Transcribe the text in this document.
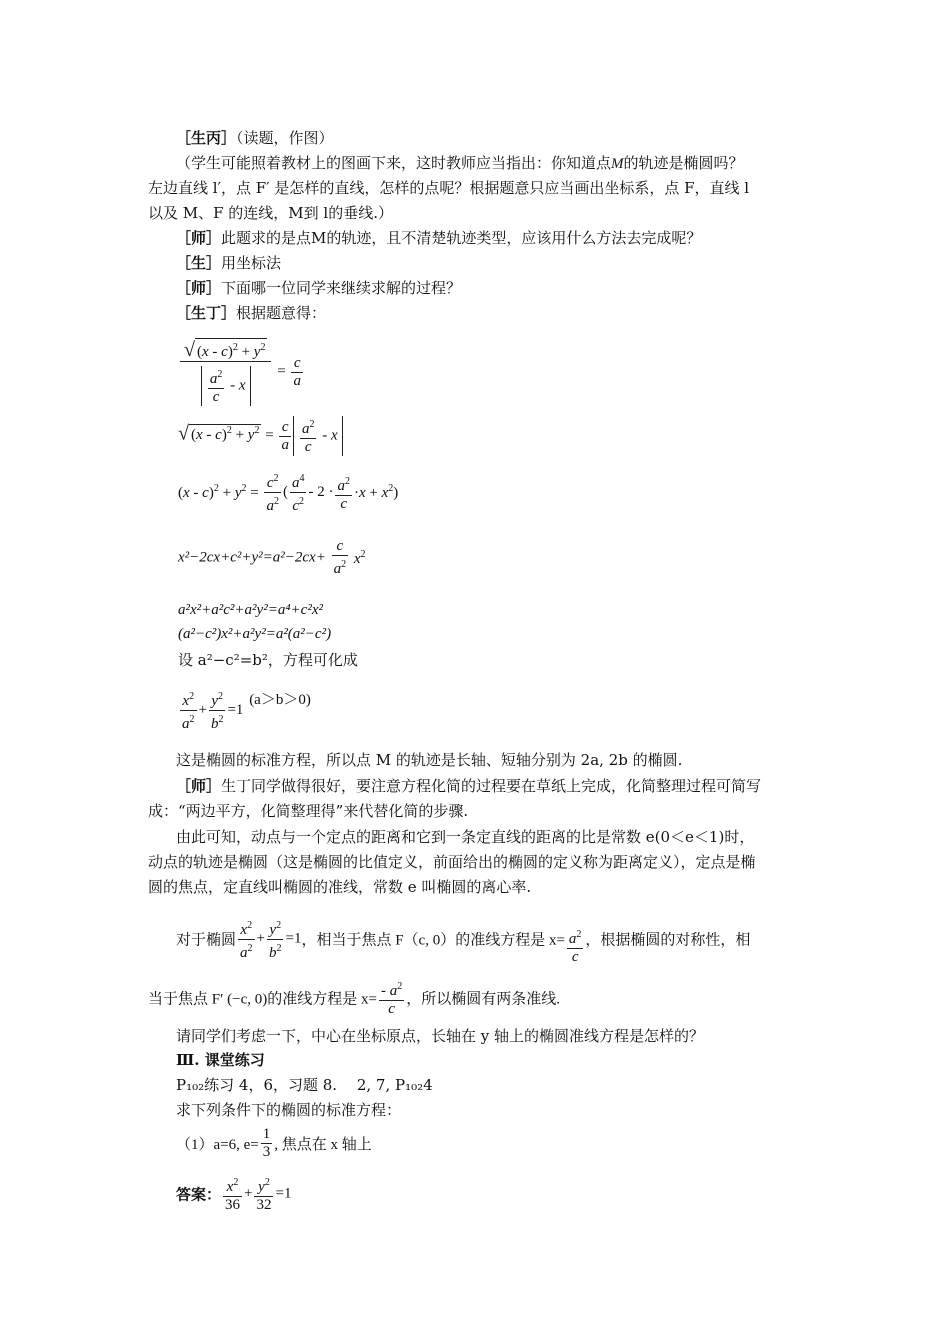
［生丙］（读题，作图）
（学生可能照着教材上的图画下来，这时教师应当指出：你知道点M的轨迹是椭圆吗？
左边直线 l′，点 F′ 是怎样的直线，怎样的点呢？根据题意只应当画出坐标系，点 F，直线 l
以及 M、F 的连线，M到 l的垂线.）
［师］此题求的是点M的轨迹，且不清楚轨迹类型，应该用什么方法去完成呢？
［生］用坐标法
［师］下面哪一位同学来继续求解的过程？
［生丁］根据题意得：
$\frac{√ (x - c)^2 + y^2}{\frac{a^2}{c} - x} = \frac{c}{a}$
√ $(x - c)^2 + y^2 = \frac{c}{a} \frac{a^2}{c} - x$
$(x - c)^2 + y^2 = \frac{c^2}{a^2}$ ( $\frac{a^4}{c^2} - 2 \cdot \frac{a^2}{c} \cdot x + x^2$)
$x^2-2cx+c^2+y^2=a^2-2cx+ \frac{c}{a^2} x^2$
a²x²+a²c²+a²y²=a⁴+c²x²
(a²−c²)x²+a²y²=a²(a²−c²)
设 a²−c²=b²，方程可化成
$\frac{x^2}{a^2} + \frac{y^2}{b^2} =1$ (a＞b＞0)
这是椭圆的标准方程，所以点 M 的轨迹是长轴、短轴分别为 2a, 2b 的椭圆.
［师］生丁同学做得很好，要注意方程化简的过程要在草纸上完成，化简整理过程可简写
成：“两边平方，化简整理得”来代替化简的步骤.
由此可知，动点与一个定点的距离和它到一条定直线的距离的比是常数 e(0＜e＜1)时，
动点的轨迹是椭圆（这是椭圆的比值定义，前面给出的椭圆的定义称为距离定义），定点是椭
圆的焦点，定直线叫椭圆的准线，常数 e 叫椭圆的离心率.
对于椭圆 $\frac{x^2}{a^2} + \frac{y^2}{b^2} =1$，相当于焦点 F（c, 0）的准线方程是 $x= \frac{a^2}{c}$ ，根据椭圆的对称性，相
当于焦点 F′ (−c, 0)的准线方程是 $x= \frac{- a^2}{c}$ ，所以椭圆有两条准线.
请同学们考虑一下，中心在坐标原点，长轴在 y 轴上的椭圆准线方程是怎样的？
Ⅲ. 课堂练习
P₁₀₂练习 4，6，习题 8.　 2, 7, P₁₀₂4
求下列条件下的椭圆的标准方程：
（1）a=6, $e= \frac{1}{3}$ , 焦点在 x 轴上
答案： $\frac{x^2}{36} + \frac{y^2}{32} =1$
